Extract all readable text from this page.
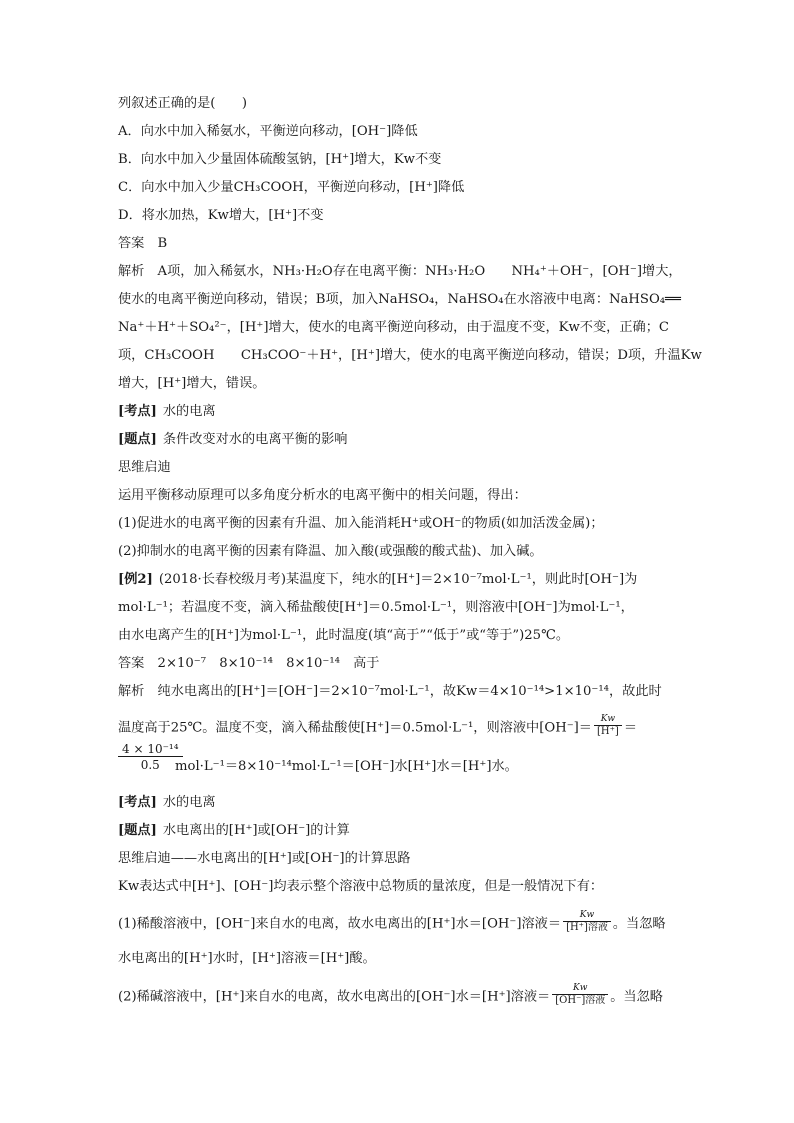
列叙述正确的是(　　)
A．向水中加入稀氨水，平衡逆向移动，[OH⁻]降低
B．向水中加入少量固体硫酸氢钠，[H⁺]增大，Kw不变
C．向水中加入少量CH₃COOH，平衡逆向移动，[H⁺]降低
D．将水加热，Kw增大，[H⁺]不变
答案　B
解析　A项，加入稀氨水，NH₃·H₂O存在电离平衡：NH₃·H₂O　　NH₄⁺＋OH⁻，[OH⁻]增大，
使水的电离平衡逆向移动，错误；B项，加入NaHSO₄，NaHSO₄在水溶液中电离：NaHSO₄══
Na⁺＋H⁺＋SO₄²⁻，[H⁺]增大，使水的电离平衡逆向移动，由于温度不变，Kw不变，正确；C
项，CH₃COOH　　CH₃COO⁻＋H⁺，[H⁺]增大，使水的电离平衡逆向移动，错误；D项，升温Kw
增大，[H⁺]增大，错误。
[考点] 水的电离
[题点] 条件改变对水的电离平衡的影响
思维启迪
运用平衡移动原理可以多角度分析水的电离平衡中的相关问题，得出：
(1)促进水的电离平衡的因素有升温、加入能消耗H⁺或OH⁻的物质(如加活泼金属)；
(2)抑制水的电离平衡的因素有降温、加入酸(或强酸的酸式盐)、加入碱。
[例2] (2018·长春校级月考)某温度下，纯水的[H⁺]＝2×10⁻⁷mol·L⁻¹，则此时[OH⁻]为
mol·L⁻¹；若温度不变，滴入稀盐酸使[H⁺]＝0.5mol·L⁻¹，则溶液中[OH⁻]为mol·L⁻¹，
由水电离产生的[H⁺]为mol·L⁻¹，此时温度(填“高于”“低于”或“等于”)25℃。
答案　2×10⁻⁷　8×10⁻¹⁴　8×10⁻¹⁴　高于
解析　纯水电离出的[H⁺]＝[OH⁻]＝2×10⁻⁷mol·L⁻¹，故Kw＝4×10⁻¹⁴>1×10⁻¹⁴，故此时
温度高于25℃。温度不变，滴入稀盐酸使[H⁺]＝0.5mol·L⁻¹，则溶液中$[OH^-]= \frac{Kw}{[H^+]}$ ＝
$\frac{\text{4 × 10⁻¹⁴}}{0.5}$
mol·L⁻¹＝8×10⁻¹⁴mol·L⁻¹＝[OH⁻]水[H⁺]水＝[H⁺]水。
[考点] 水的电离
[题点] 水电离出的[H⁺]或[OH⁻]的计算
思维启迪——水电离出的[H⁺]或[OH⁻]的计算思路
Kw表达式中[H⁺]、[OH⁻]均表示整个溶液中总物质的量浓度，但是一般情况下有：
(1)稀酸溶液中，[OH⁻]来自水的电离，故水电离出的[H⁺]水＝[OH⁻]溶液＝ $\frac{Kw}{\text{[H⁺]溶液}}$ 。当忽略
水电离出的[H⁺]水时，[H⁺]溶液＝[H⁺]酸。
(2)稀碱溶液中，[H⁺]来自水的电离，故水电离出的[OH⁻]水＝[H⁺]溶液＝ $\frac{Kw}{\text{[OH⁻]溶液}}$ 。当忽略
